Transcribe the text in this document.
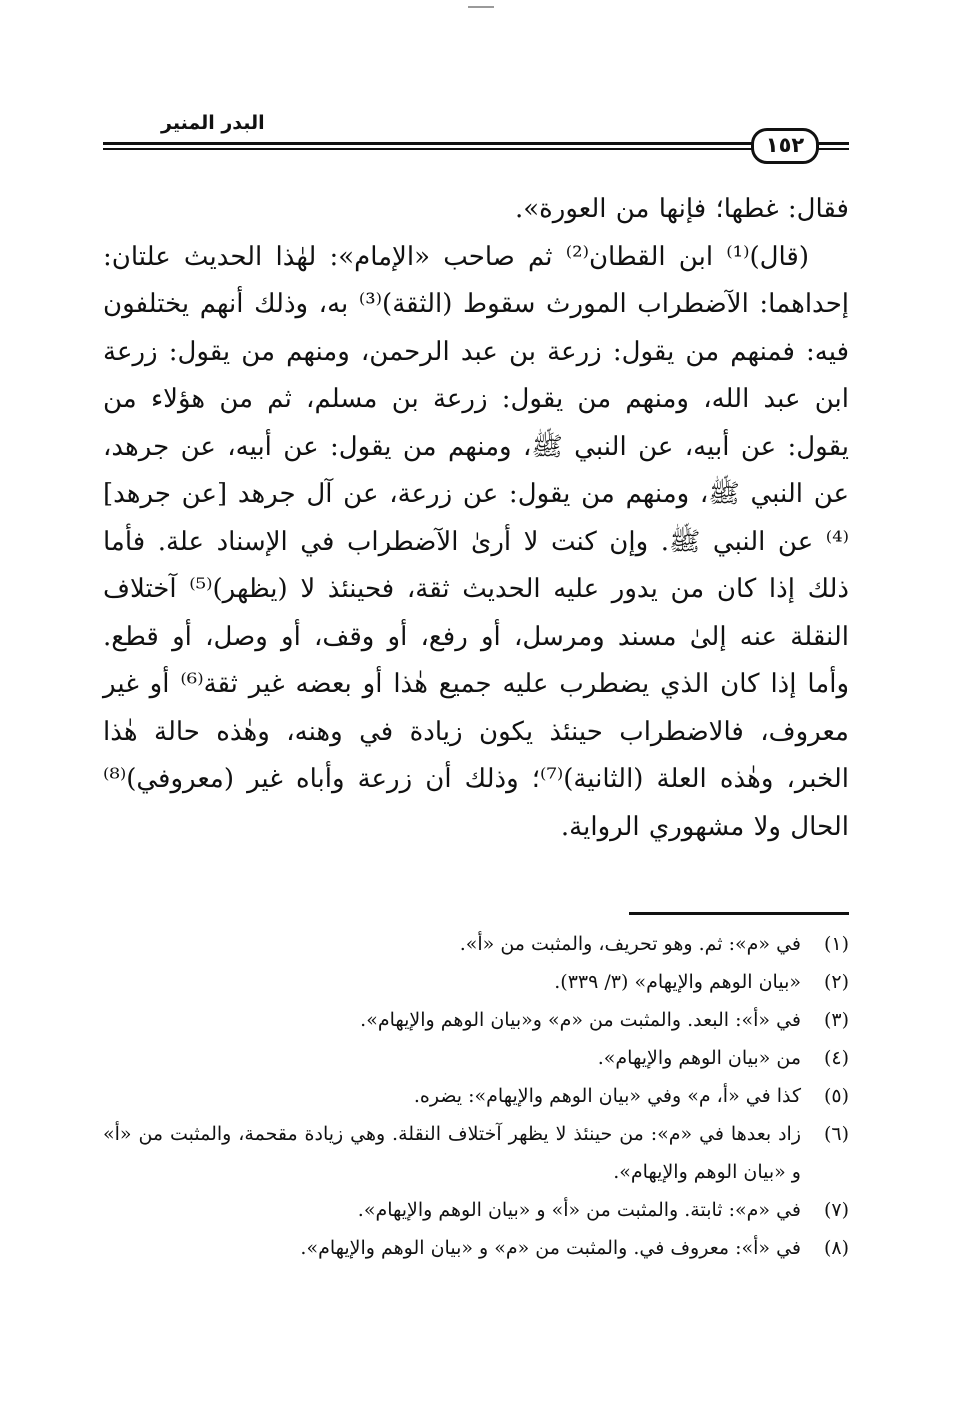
البدر المنير
١٥٢

فقال: غطها؛ فإنها من العورة».

(قال)⁽¹⁾ ابن القطان⁽²⁾ ثم صاحب «الإمام»: لهٰذا الحديث علتان: إحداهما: الآضطراب المورث سقوط (الثقة)⁽³⁾ به، وذلك أنهم يختلفون فيه: فمنهم من يقول: زرعة بن عبد الرحمن، ومنهم من يقول: زرعة ابن عبد الله، ومنهم من يقول: زرعة بن مسلم، ثم من هؤلاء من يقول: عن أبيه، عن النبي ﷺ، ومنهم من يقول: عن أبيه، عن جرهد، عن النبي ﷺ، ومنهم من يقول: عن زرعة، عن آل جرهد [عن جرهد]⁽⁴⁾ عن النبي ﷺ. وإن كنت لا أرىٰ الآضطراب في الإسناد علة. فأما ذلك إذا كان من يدور عليه الحديث ثقة، فحينئذ لا (يظهر)⁽⁵⁾ آختلاف النقلة عنه إلىٰ مسند ومرسل، أو رفع، أو وقف، أو وصل، أو قطع. وأما إذا كان الذي يضطرب عليه جميع هٰذا أو بعضه غير ثقة⁽⁶⁾ أو غير معروف، فالاضطراب حينئذ يكون زيادة في وهنه، وهٰذه حالة هٰذا الخبر، وهٰذه العلة (الثانية)⁽⁷⁾؛ وذلك أن زرعة وأباه غير (معروفي)⁽⁸⁾ الحال ولا مشهوري الرواية.

(١)في «م»: ثم. وهو تحريف، والمثبت من «أ».

(٢)«بيان الوهم والإيهام» (٣/ ٣٣٩).

(٣)في «أ»: البعد. والمثبت من «م» و«بيان الوهم والإيهام».

(٤)من «بيان الوهم والإيهام».

(٥)كذا في «أ، م» وفي «بيان الوهم والإيهام»: يضره.

(٦)زاد بعدها في «م»: من حينئذ لا يظهر آختلاف النقلة. وهي زيادة مقحمة، والمثبت من «أ» و «بيان الوهم والإيهام».

(٧)في «م»: ثابتة. والمثبت من «أ» و «بيان الوهم والإيهام».

(٨)في «أ»: معروف في. والمثبت من «م» و «بيان الوهم والإيهام».
